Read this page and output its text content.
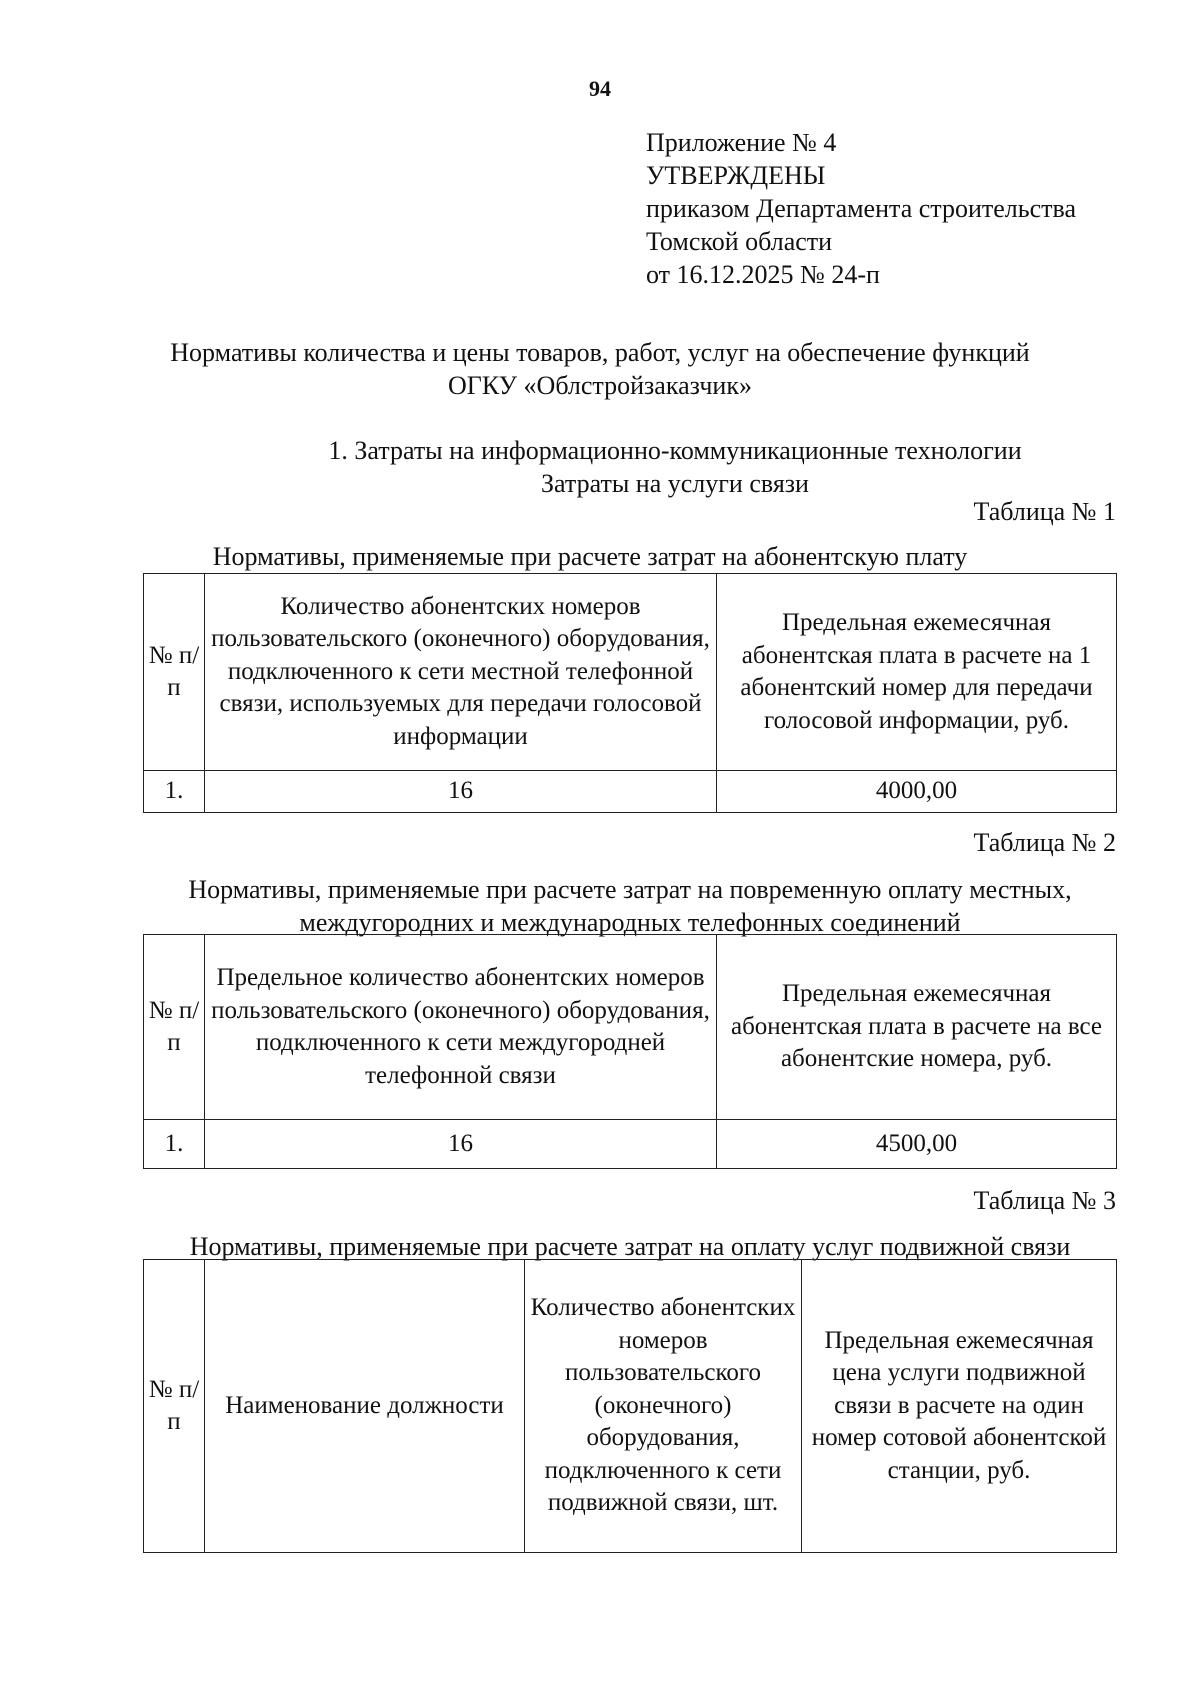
94
Приложение № 4
УТВЕРЖДЕНЫ
приказом Департамента строительства
Томской области
от 16.12.2025 № 24-п
Нормативы количества и цены товаров, работ, услуг на обеспечение функций
ОГКУ «Облстройзаказчик»
1. Затраты на информационно-коммуникационные технологии
Затраты на услуги связи
Таблица № 1
Нормативы, применяемые при расчете затрат на абонентскую плату
№ п/п	Количество абонентских номеров пользовательского (оконечного) оборудования, подключенного к сети местной телефонной связи, используемых для передачи голосовой информации	Предельная ежемесячная абонентская плата в расчете на 1 абонентский номер для передачи голосовой информации, руб.
1.	16	4000,00
Таблица № 2
Нормативы, применяемые при расчете затрат на повременную оплату местных,
междугородних и международных телефонных соединений
№ п/п	Предельное количество абонентских номеров пользовательского (оконечного) оборудования, подключенного к сети междугородней телефонной связи	Предельная ежемесячная абонентская плата в расчете на все абонентские номера, руб.
1.	16	4500,00
Таблица № 3
Нормативы, применяемые при расчете затрат на оплату услуг подвижной связи
№ п/п	Наименование должности	Количество абонентских номеров пользовательского (оконечного) оборудования, подключенного к сети подвижной связи, шт.	Предельная ежемесячная цена услуги подвижной связи в расчете на один номер сотовой абонентской станции, руб.
